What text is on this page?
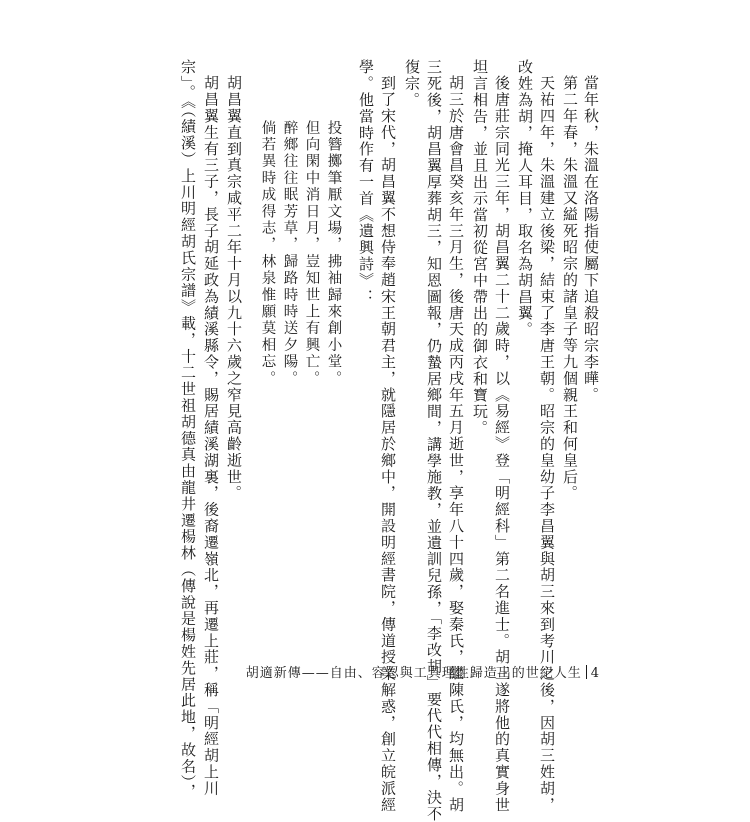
當年秋，朱溫在洛陽指使屬下追殺昭宗李曄。
第二年春，朱溫又縊死昭宗的諸皇子等九個親王和何皇后。
天祐四年，朱溫建立後梁，結束了李唐王朝。昭宗的皇幼子李昌翼與胡三來到考川之後，因胡三姓胡，
改姓為胡，掩人耳目，取名為胡昌翼。
後唐莊宗同光三年，胡昌翼二十二歲時，以《易經》登「明經科」第二名進士。胡三遂將他的真實身世
坦言相告，並且出示當初從宮中帶出的御衣和寶玩。
胡三於唐會昌癸亥年三月生，後唐天成丙戌年五月逝世，享年八十四歲，娶秦氏，繼陳氏，均無出。胡
三死後，胡昌翼厚葬胡三，知恩圖報，仍蟄居鄉間，講學施教，並遺訓兒孫，「李改胡」要代代相傳，決不
復宗。
到了宋代，胡昌翼不想侍奉趙宋王朝君主，就隱居於鄉中，開設明經書院，傳道授業解惑，創立皖派經
學。他當時作有一首《遺興詩》：
投簪擲筆厭文場，拂袖歸來創小堂。
但向閑中消日月，豈知世上有興亡。
醉鄉往往眠芳草，歸路時時送夕陽。
倘若異時成得志，林泉惟願莫相忘。
胡昌翼直到真宗咸平二年十月以九十六歲之窄見高齡逝世。
胡昌翼生有三子，長子胡延政為績溪縣令，賜居績溪湖裏，後裔遷嶺北，再遷上莊，稱「明經胡上川
宗」。《（績溪）上川明經胡氏宗譜》載，十二世祖胡德真由龍井遷楊林（傳說是楊姓先居此地，故名），	胡適新傳——自由、容忍與工具理性歸造出的世紀人生 4
